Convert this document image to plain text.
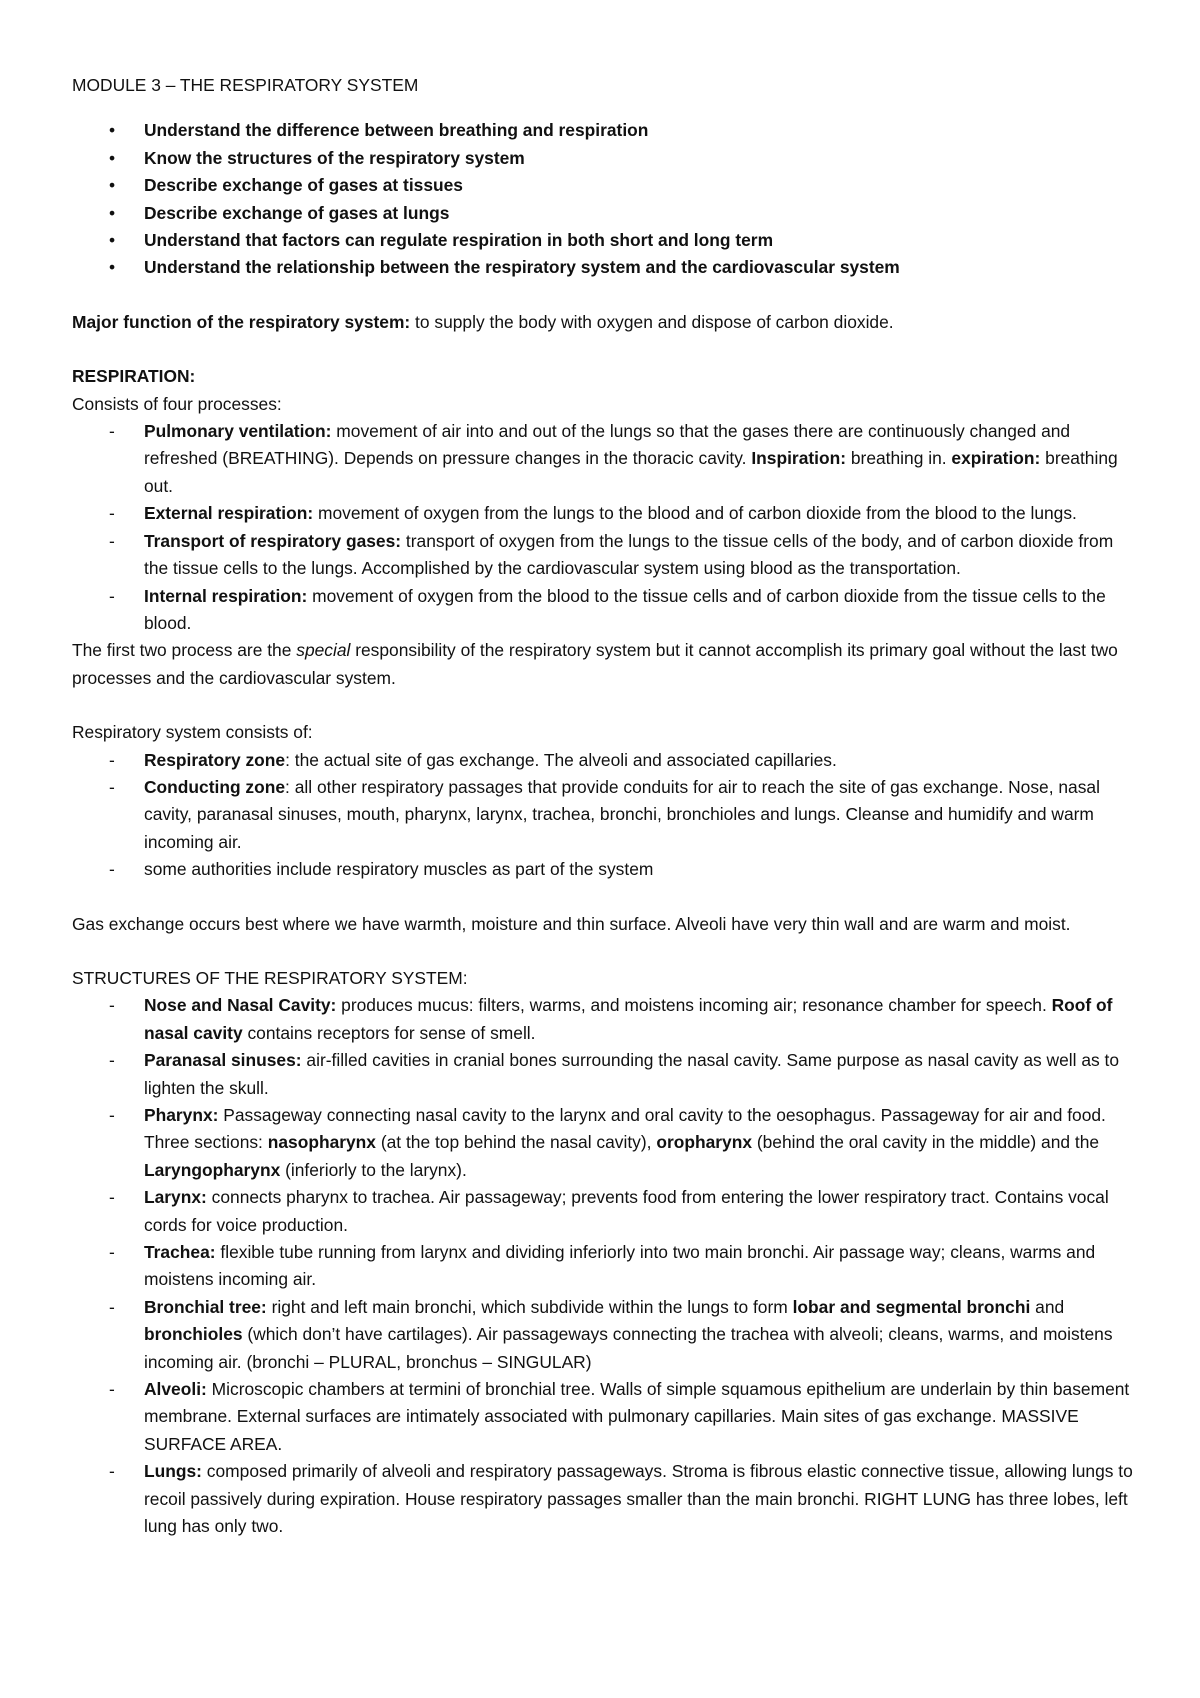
MODULE 3 – THE RESPIRATORY SYSTEM

• Understand the difference between breathing and respiration
• Know the structures of the respiratory system
• Describe exchange of gases at tissues
• Describe exchange of gases at lungs
• Understand that factors can regulate respiration in both short and long term
• Understand the relationship between the respiratory system and the cardiovascular system

Major function of the respiratory system: to supply the body with oxygen and dispose of carbon dioxide.

RESPIRATION:

Consists of four processes:

- Pulmonary ventilation: movement of air into and out of the lungs so that the gases there are continuously changed and refreshed (BREATHING). Depends on pressure changes in the thoracic cavity. Inspiration: breathing in. expiration: breathing out.
- External respiration: movement of oxygen from the lungs to the blood and of carbon dioxide from the blood to the lungs.
- Transport of respiratory gases: transport of oxygen from the lungs to the tissue cells of the body, and of carbon dioxide from the tissue cells to the lungs. Accomplished by the cardiovascular system using blood as the transportation.
- Internal respiration: movement of oxygen from the blood to the tissue cells and of carbon dioxide from the tissue cells to the blood.

The first two process are the special responsibility of the respiratory system but it cannot accomplish its primary goal without the last two processes and the cardiovascular system.

Respiratory system consists of:

- Respiratory zone: the actual site of gas exchange. The alveoli and associated capillaries.
- Conducting zone: all other respiratory passages that provide conduits for air to reach the site of gas exchange. Nose, nasal cavity, paranasal sinuses, mouth, pharynx, larynx, trachea, bronchi, bronchioles and lungs. Cleanse and humidify and warm incoming air.
- some authorities include respiratory muscles as part of the system

Gas exchange occurs best where we have warmth, moisture and thin surface. Alveoli have very thin wall and are warm and moist.

STRUCTURES OF THE RESPIRATORY SYSTEM:

- Nose and Nasal Cavity: produces mucus: filters, warms, and moistens incoming air; resonance chamber for speech. Roof of nasal cavity contains receptors for sense of smell.
- Paranasal sinuses: air-filled cavities in cranial bones surrounding the nasal cavity. Same purpose as nasal cavity as well as to lighten the skull.
- Pharynx: Passageway connecting nasal cavity to the larynx and oral cavity to the oesophagus. Passageway for air and food. Three sections: nasopharynx (at the top behind the nasal cavity), oropharynx (behind the oral cavity in the middle) and the Laryngopharynx (inferiorly to the larynx).
- Larynx: connects pharynx to trachea. Air passageway; prevents food from entering the lower respiratory tract. Contains vocal cords for voice production.
- Trachea: flexible tube running from larynx and dividing inferiorly into two main bronchi. Air passage way; cleans, warms and moistens incoming air.
- Bronchial tree: right and left main bronchi, which subdivide within the lungs to form lobar and segmental bronchi and bronchioles (which don’t have cartilages). Air passageways connecting the trachea with alveoli; cleans, warms, and moistens incoming air. (bronchi – PLURAL, bronchus – SINGULAR)
- Alveoli: Microscopic chambers at termini of bronchial tree. Walls of simple squamous epithelium are underlain by thin basement membrane. External surfaces are intimately associated with pulmonary capillaries. Main sites of gas exchange. MASSIVE SURFACE AREA.
- Lungs: composed primarily of alveoli and respiratory passageways. Stroma is fibrous elastic connective tissue, allowing lungs to recoil passively during expiration. House respiratory passages smaller than the main bronchi. RIGHT LUNG has three lobes, left lung has only two.
